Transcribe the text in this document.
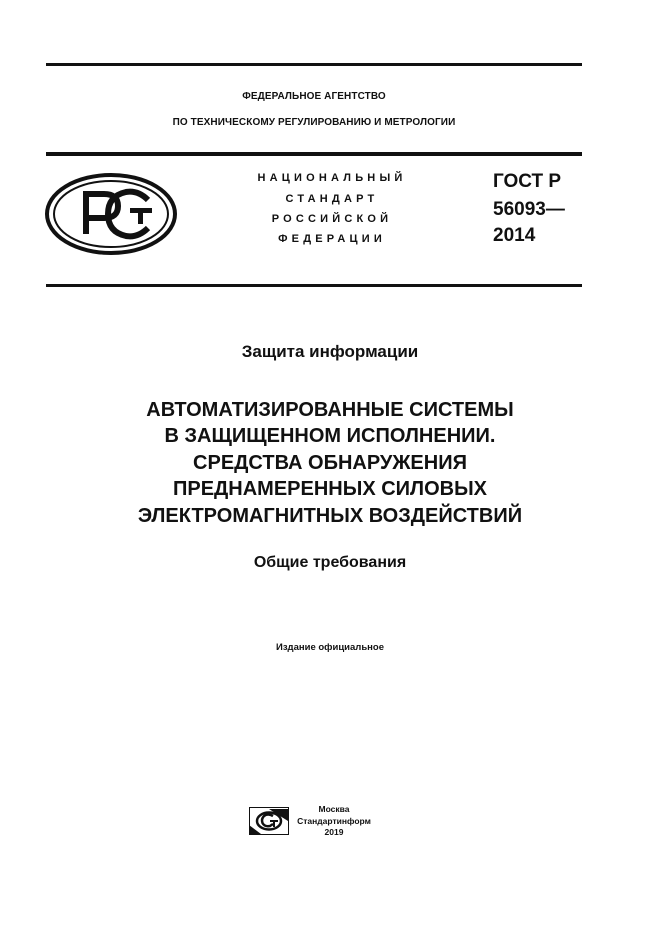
ФЕДЕРАЛЬНОЕ АГЕНТСТВО
ПО ТЕХНИЧЕСКОМУ РЕГУЛИРОВАНИЮ И МЕТРОЛОГИИ
НАЦИОНАЛЬНЫЙ
СТАНДАРТ
РОССИЙСКОЙ
ФЕДЕРАЦИИ
ГОСТ Р
56093—
2014
Защита информации
АВТОМАТИЗИРОВАННЫЕ СИСТЕМЫ
В ЗАЩИЩЕННОМ ИСПОЛНЕНИИ.
СРЕДСТВА ОБНАРУЖЕНИЯ
ПРЕДНАМЕРЕННЫХ СИЛОВЫХ
ЭЛЕКТРОМАГНИТНЫХ ВОЗДЕЙСТВИЙ
Общие требования
Издание официальное
Москва
Стандартинформ
2019
